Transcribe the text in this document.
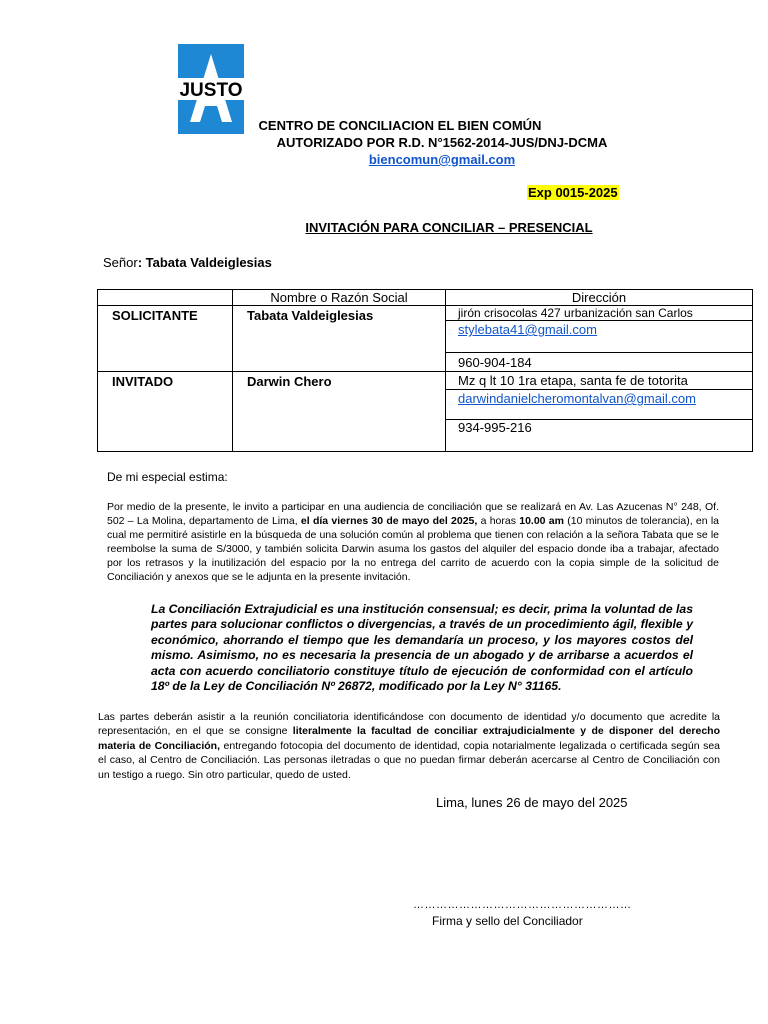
JUSTO
CENTRO DE CONCILIACION EL BIEN COMÚN
AUTORIZADO POR R.D. N°1562-2014-JUS/DNJ-DCMA
biencomun@gmail.com
Exp 0015-2025
INVITACIÓN PARA CONCILIAR – PRESENCIAL
Señor: Tabata Valdeiglesias
	Nombre o Razón Social	Dirección

SOLICITANTE	Tabata Valdeiglesias	jirón crisocolas 427 urbanización san Carlos
stylebata41@gmail.com
960-904-184

INVITADO	Darwin Chero	Mz q lt 10 1ra etapa, santa fe de totorita
darwindanielcheromontalvan@gmail.com
934-995-216
De mi especial estima:
Por medio de la presente, le invito a participar en una audiencia de conciliación que se realizará en Av. Las Azucenas N° 248, Of. 502 – La Molina, departamento de Lima, el día viernes 30 de mayo del 2025, a horas 10.00 am (10 minutos de tolerancia), en la cual me permitiré asistirle en la búsqueda de una solución común al problema que tienen con relación a la señora Tabata que se le reembolse la suma de S/3000, y también solicita Darwin asuma los gastos del alquiler del espacio donde iba a trabajar, afectado por los retrasos y la inutilización del espacio por la no entrega del carrito de acuerdo con la copia simple de la solicitud de Conciliación y anexos que se le adjunta en la presente invitación.
La Conciliación Extrajudicial es una institución consensual; es decir, prima la voluntad de las partes para solucionar conflictos o divergencias, a través de un procedimiento ágil, flexible y económico, ahorrando el tiempo que les demandaría un proceso, y los mayores costos del mismo. Asimismo, no es necesaria la presencia de un abogado y de arribarse a acuerdos el acta con acuerdo conciliatorio constituye título de ejecución de conformidad con el artículo 18º de la Ley de Conciliación Nº 26872, modificado por la Ley N° 31165.
Las partes deberán asistir a la reunión conciliatoria identificándose con documento de identidad y/o documento que acredite la representación, en el que se consigne literalmente la facultad de conciliar extrajudicialmente y de disponer del derecho materia de Conciliación, entregando fotocopia del documento de identidad, copia notarialmente legalizada o certificada según sea el caso, al Centro de Conciliación. Las personas iletradas o que no puedan firmar deberán acercarse al Centro de Conciliación con un testigo a ruego. Sin otro particular, quedo de usted.
Lima, lunes 26 de mayo del 2025
…………………………………………………
Firma y sello del Conciliador
